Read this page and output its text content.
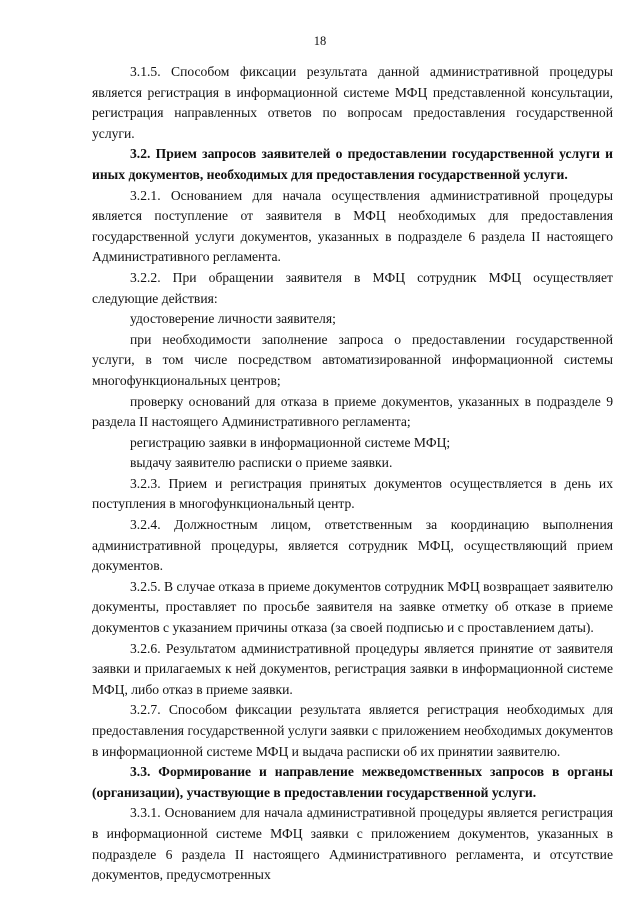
18

3.1.5. Способом фиксации результата данной административной процедуры является регистрация в информационной системе МФЦ представленной консультации, регистрация направленных ответов по вопросам предоставления государственной услуги.

3.2. Прием запросов заявителей о предоставлении государственной услуги и иных документов, необходимых для предоставления государственной услуги.

3.2.1. Основанием для начала осуществления административной процедуры является поступление от заявителя в МФЦ необходимых для предоставления государственной услуги документов, указанных в подразделе 6 раздела II настоящего Административного регламента.

3.2.2. При обращении заявителя в МФЦ сотрудник МФЦ осуществляет следующие действия:

удостоверение личности заявителя;

при необходимости заполнение запроса о предоставлении государственной услуги, в том числе посредством автоматизированной информационной системы многофункциональных центров;

проверку оснований для отказа в приеме документов, указанных в подразделе 9 раздела II настоящего Административного регламента;

регистрацию заявки в информационной системе МФЦ;

выдачу заявителю расписки о приеме заявки.

3.2.3. Прием и регистрация принятых документов осуществляется в день их поступления в многофункциональный центр.

3.2.4. Должностным лицом, ответственным за координацию выполнения административной процедуры, является сотрудник МФЦ, осуществляющий прием документов.

3.2.5. В случае отказа в приеме документов сотрудник МФЦ возвращает заявителю документы, проставляет по просьбе заявителя на заявке отметку об отказе в приеме документов с указанием причины отказа (за своей подписью и с проставлением даты).

3.2.6. Результатом административной процедуры является принятие от заявителя заявки и прилагаемых к ней документов, регистрация заявки в информационной системе МФЦ, либо отказ в приеме заявки.

3.2.7. Способом фиксации результата является регистрация необходимых для предоставления государственной услуги заявки с приложением необходимых документов в информационной системе МФЦ и выдача расписки об их принятии заявителю.

3.3. Формирование и направление межведомственных запросов в органы (организации), участвующие в предоставлении государственной услуги.

3.3.1. Основанием для начала административной процедуры является регистрация в информационной системе МФЦ заявки с приложением документов, указанных в подразделе 6 раздела II настоящего Административного регламента, и отсутствие документов, предусмотренных
